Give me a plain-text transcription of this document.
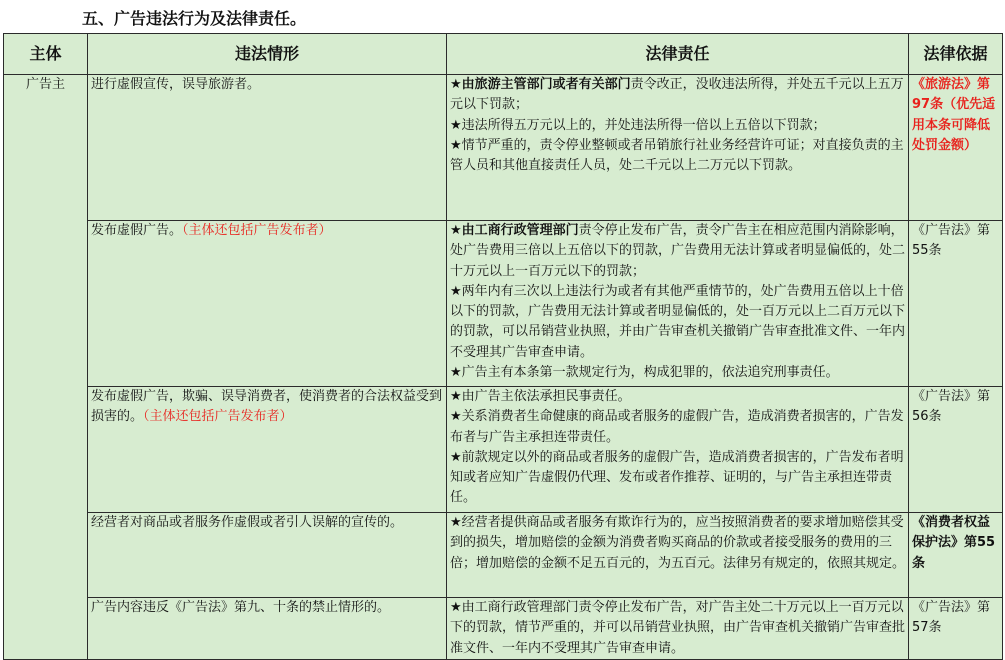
五、广告违法行为及法律责任。
主体	违法情形	法律责任	法律依据
广告主	进行虚假宣传，误导旅游者。	★由旅游主管部门或者有关部门责令改正，没收违法所得，并处五千元以上五万元以下罚款；
★违法所得五万元以上的，并处违法所得一倍以上五倍以下罚款；
★情节严重的，责令停业整顿或者吊销旅行社业务经营许可证；对直接负责的主管人员和其他直接责任人员，处二千元以上二万元以下罚款。	《旅游法》第97条（优先适用本条可降低处罚金额）
	发布虚假广告。（主体还包括广告发布者）	★由工商行政管理部门责令停止发布广告，责令广告主在相应范围内消除影响，处广告费用三倍以上五倍以下的罚款，广告费用无法计算或者明显偏低的，处二十万元以上一百万元以下的罚款；
★两年内有三次以上违法行为或者有其他严重情节的，处广告费用五倍以上十倍以下的罚款，广告费用无法计算或者明显偏低的，处一百万元以上二百万元以下的罚款，可以吊销营业执照，并由广告审查机关撤销广告审查批准文件、一年内不受理其广告审查申请。
★广告主有本条第一款规定行为，构成犯罪的，依法追究刑事责任。	《广告法》第55条
	发布虚假广告，欺骗、误导消费者，使消费者的合法权益受到损害的。（主体还包括广告发布者）	★由广告主依法承担民事责任。
★关系消费者生命健康的商品或者服务的虚假广告，造成消费者损害的，广告发布者与广告主承担连带责任。
★前款规定以外的商品或者服务的虚假广告，造成消费者损害的，广告发布者明知或者应知广告虚假仍代理、发布或者作推荐、证明的，与广告主承担连带责任。	《广告法》第56条
	经营者对商品或者服务作虚假或者引人误解的宣传的。	★经营者提供商品或者服务有欺诈行为的，应当按照消费者的要求增加赔偿其受到的损失，增加赔偿的金额为消费者购买商品的价款或者接受服务的费用的三倍；增加赔偿的金额不足五百元的，为五百元。法律另有规定的，依照其规定。	《消费者权益保护法》第55条
	广告内容违反《广告法》第九、十条的禁止情形的。	★由工商行政管理部门责令停止发布广告，对广告主处二十万元以上一百万元以下的罚款，情节严重的，并可以吊销营业执照，由广告审查机关撤销广告审查批准文件、一年内不受理其广告审查申请。	《广告法》第57条
